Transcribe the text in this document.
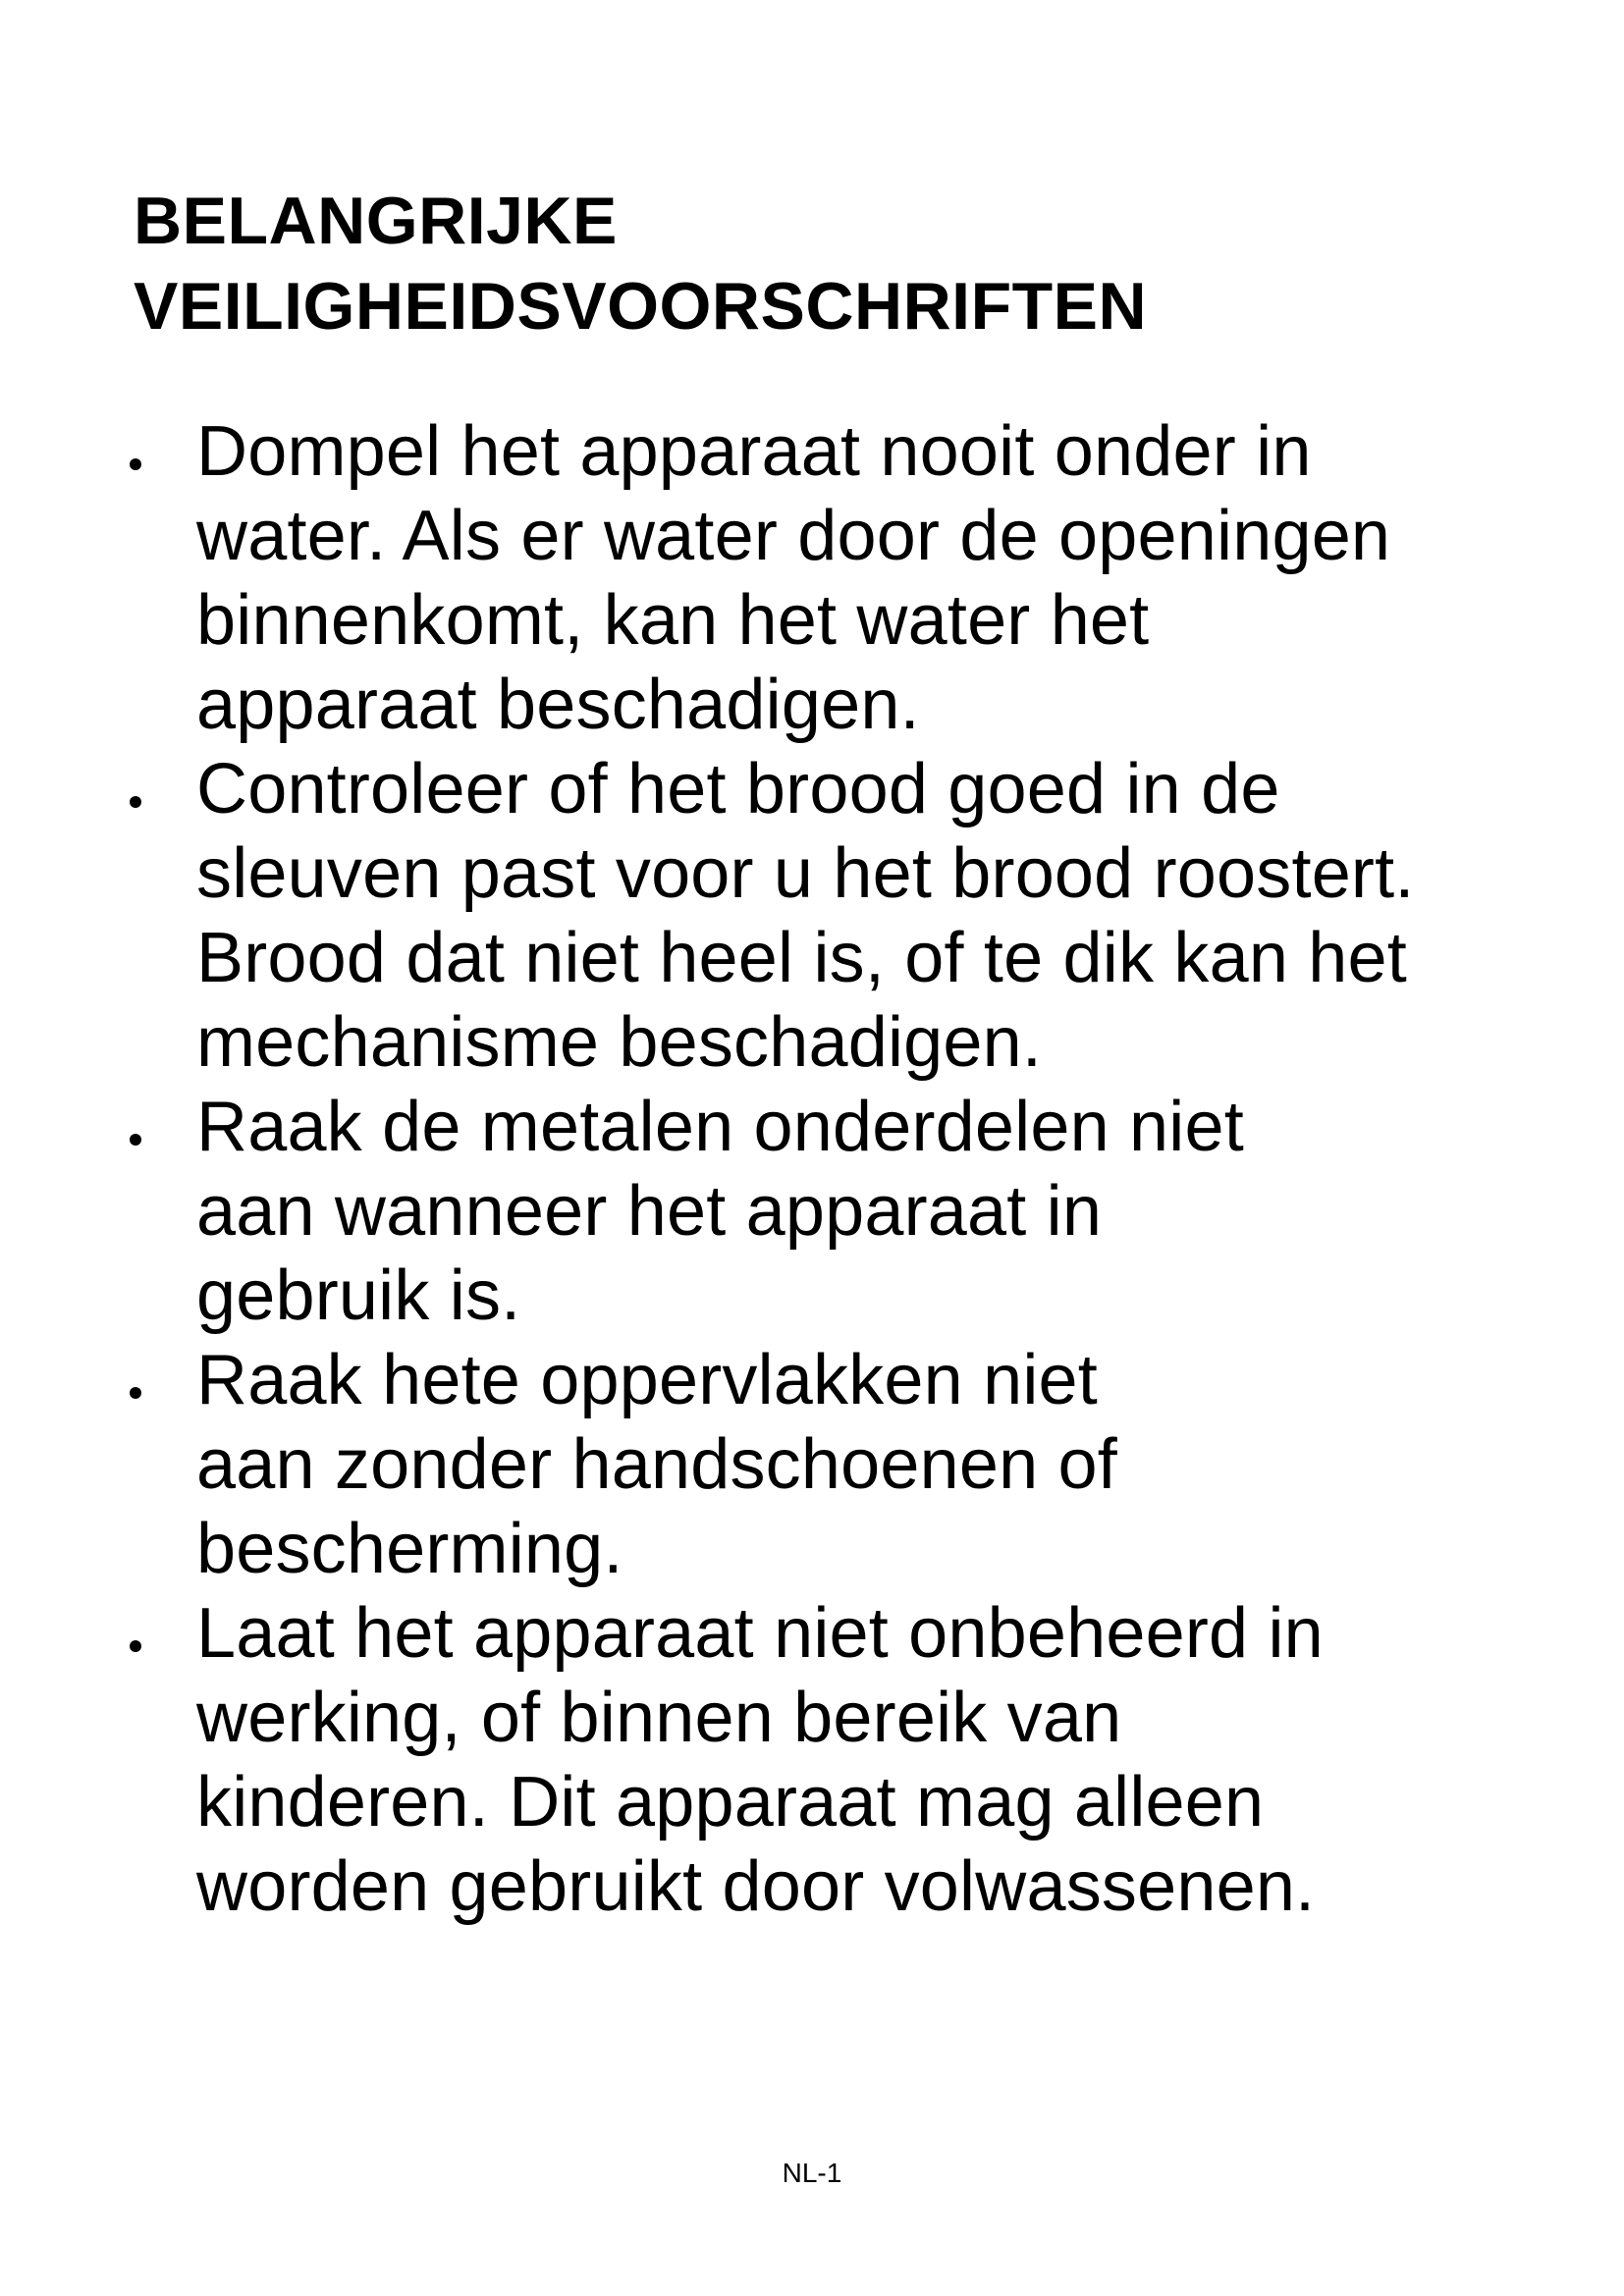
BELANGRIJKE
VEILIGHEIDSVOORSCHRIFTEN
Dompel het apparaat nooit onder in
water. Als er water door de openingen
binnenkomt, kan het water het
apparaat beschadigen.
Controleer of het brood goed in de
sleuven past voor u het brood roostert.
Brood dat niet heel is, of te dik kan het
mechanisme beschadigen.
Raak de metalen onderdelen niet
aan wanneer het apparaat in
gebruik is.
Raak hete oppervlakken niet
aan zonder handschoenen of
bescherming.
Laat het apparaat niet onbeheerd in
werking, of binnen bereik van
kinderen. Dit apparaat mag alleen
worden gebruikt door volwassenen.
NL-1
